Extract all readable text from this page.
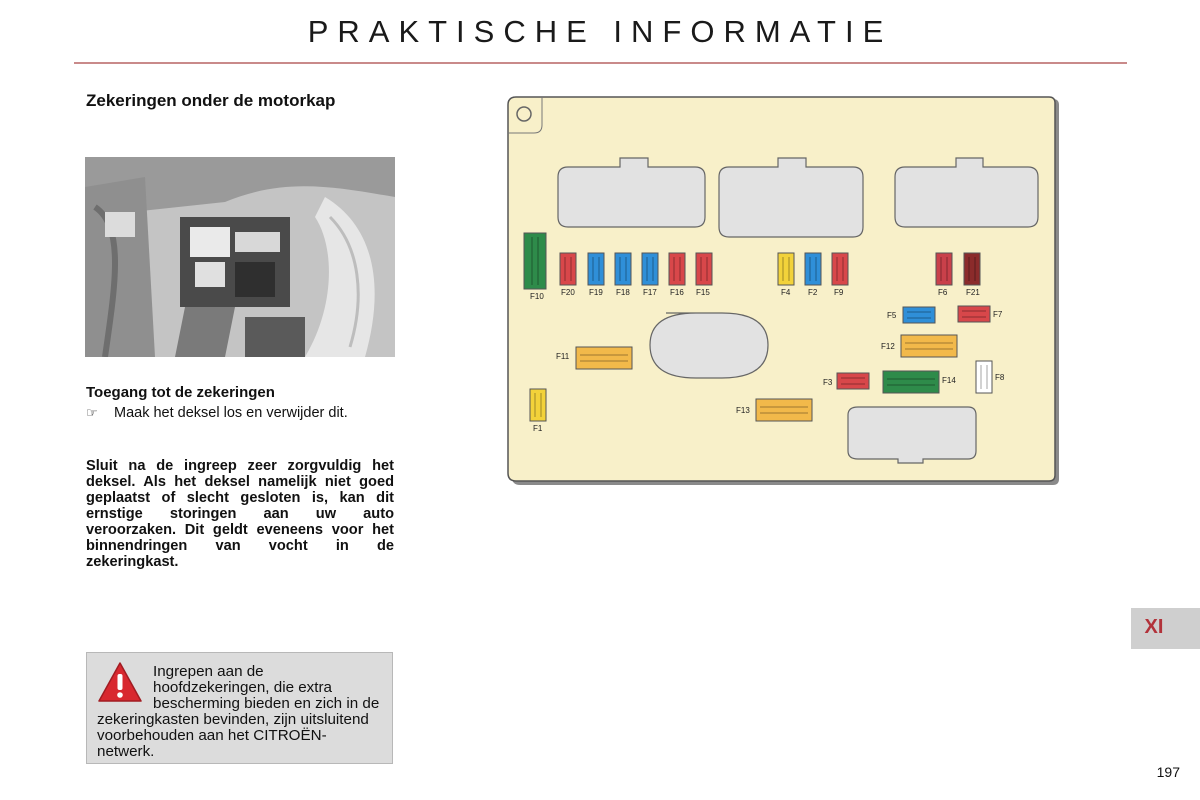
PRAKTISCHE INFORMATIE
Zekeringen onder de motorkap
Toegang tot de zekeringen
☞ Maak het deksel los en verwijder dit.
Sluit na de ingreep zeer zorgvuldig het deksel. Als het deksel namelijk niet goed geplaatst of slecht gesloten is, kan dit ernstige storingen aan uw auto veroorzaken. Dit geldt eveneens voor het binnendringen van vocht in de zekeringkast.
Ingrepen aan de hoofdzekeringen, die extra bescherming bieden en zich in de zekeringkasten bevinden, zijn uitsluitend voorbehouden aan het CITROËN-netwerk.
XI
197
F10 F20 F19 F18 F17 F16 F15	F4 F2 F9	F6 F21
F5	F7
F12
F11
F3	F14	F8
F1
F13
